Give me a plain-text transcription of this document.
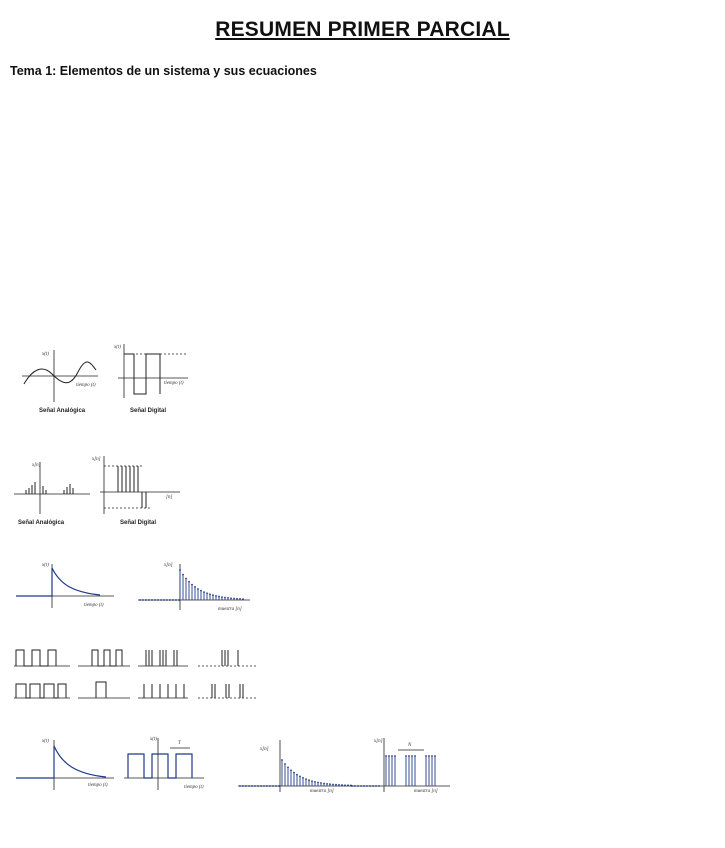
RESUMEN PRIMER PARCIAL
Tema 1: Elementos de un sistema y sus ecuaciones
x(t)
tiempo (t)
Señal Analógica
x(t)
tiempo (t)
Señal Digital
x[n]
Señal Analógica
x[n]
[n]
Señal Digital
x(t)
tiempo (t)
x[n]
muestra [n]
x(t)
tiempo (t)
x(t)
T
tiempo (t)
x[n]
muestra [n]
x[n]
N
muestra [n]
